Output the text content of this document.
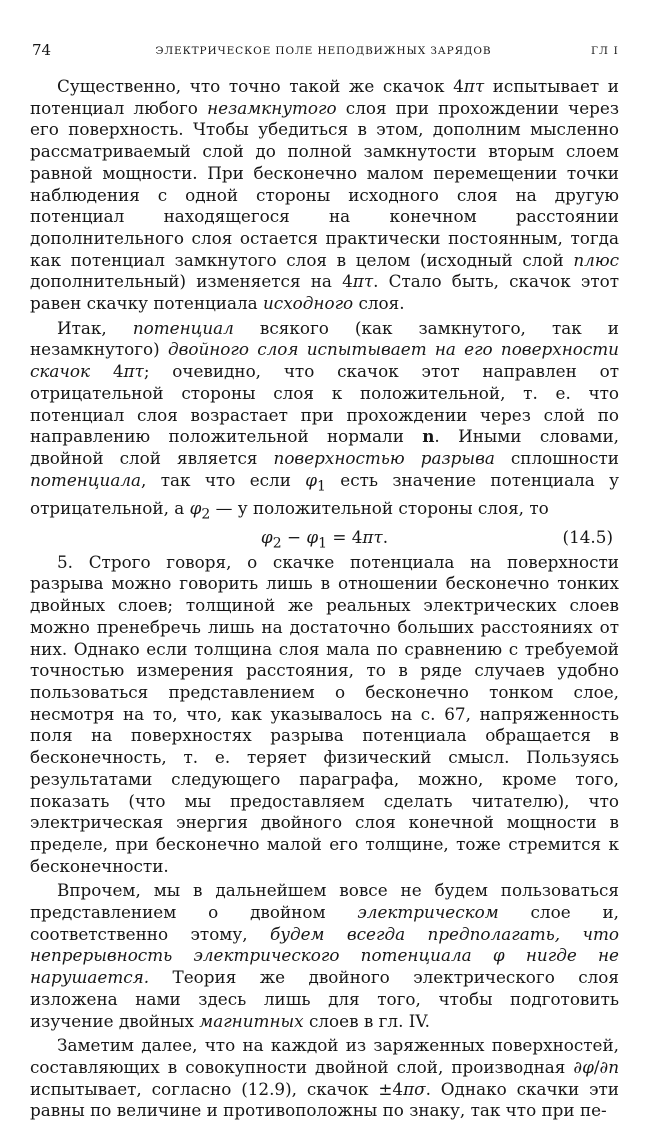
74	ЭЛЕКТРИЧЕСКОЕ ПОЛЕ НЕПОДВИЖНЫХ ЗАРЯДОВ	ГЛ I

Существенно, что точно такой же скачок 4πτ испытывает и потенциал любого незамкнутого слоя при прохождении через его поверхность. Чтобы убедиться в этом, дополним мысленно рассматриваемый слой до полной замкнутости вторым слоем равной мощности. При бесконечно малом перемещении точки наблюдения с одной стороны исходного слоя на другую потенциал находящегося на конечном расстоянии дополнительного слоя остается практически постоянным, тогда как потенциал замкнутого слоя в целом (исходный слой плюс дополнительный) изменяется на 4πτ. Стало быть, скачок этот равен скачку потенциала исходного слоя.

Итак, потенциал всякого (как замкнутого, так и незамкнутого) двойного слоя испытывает на его поверхности скачок 4πτ; очевидно, что скачок этот направлен от отрицательной стороны слоя к положительной, т. е. что потенциал слоя возрастает при прохождении через слой по направлению положительной нормали n. Иными словами, двойной слой является поверхностью разрыва сплошности потенциала, так что если $\varphi_1$ есть значение потенциала у отрицательной, а $\varphi_2$ — у положительной стороны слоя, то

$\varphi_2 - \varphi_1 = 4\pi\tau$.	(14.5)

5. Строго говоря, о скачке потенциала на поверхности разрыва можно говорить лишь в отношении бесконечно тонких двойных слоев; толщиной же реальных электрических слоев можно пренебречь лишь на достаточно больших расстояниях от них. Однако если толщина слоя мала по сравнению с требуемой точностью измерения расстояния, то в ряде случаев удобно пользоваться представлением о бесконечно тонком слое, несмотря на то, что, как указывалось на с. 67, напряженность поля на поверхностях разрыва потенциала обращается в бесконечность, т. е. теряет физический смысл. Пользуясь результатами следующего параграфа, можно, кроме того, показать (что мы предоставляем сделать читателю), что электрическая энергия двойного слоя конечной мощности в пределе, при бесконечно малой его толщине, тоже стремится к бесконечности.

Впрочем, мы в дальнейшем вовсе не будем пользоваться представлением о двойном электрическом слое и, соответственно этому, будем всегда предполагать, что непрерывность электрического потенциала φ нигде не нарушается. Теория же двойного электрического слоя изложена нами здесь лишь для того, чтобы подготовить изучение двойных магнитных слоев в гл. IV.

Заметим далее, что на каждой из заряженных поверхностей, составляющих в совокупности двойной слой, производная ∂φ/∂n испытывает, согласно (12.9), скачок ±4πσ. Однако скачки эти равны по величине и противоположны по знаку, так что при пе-
